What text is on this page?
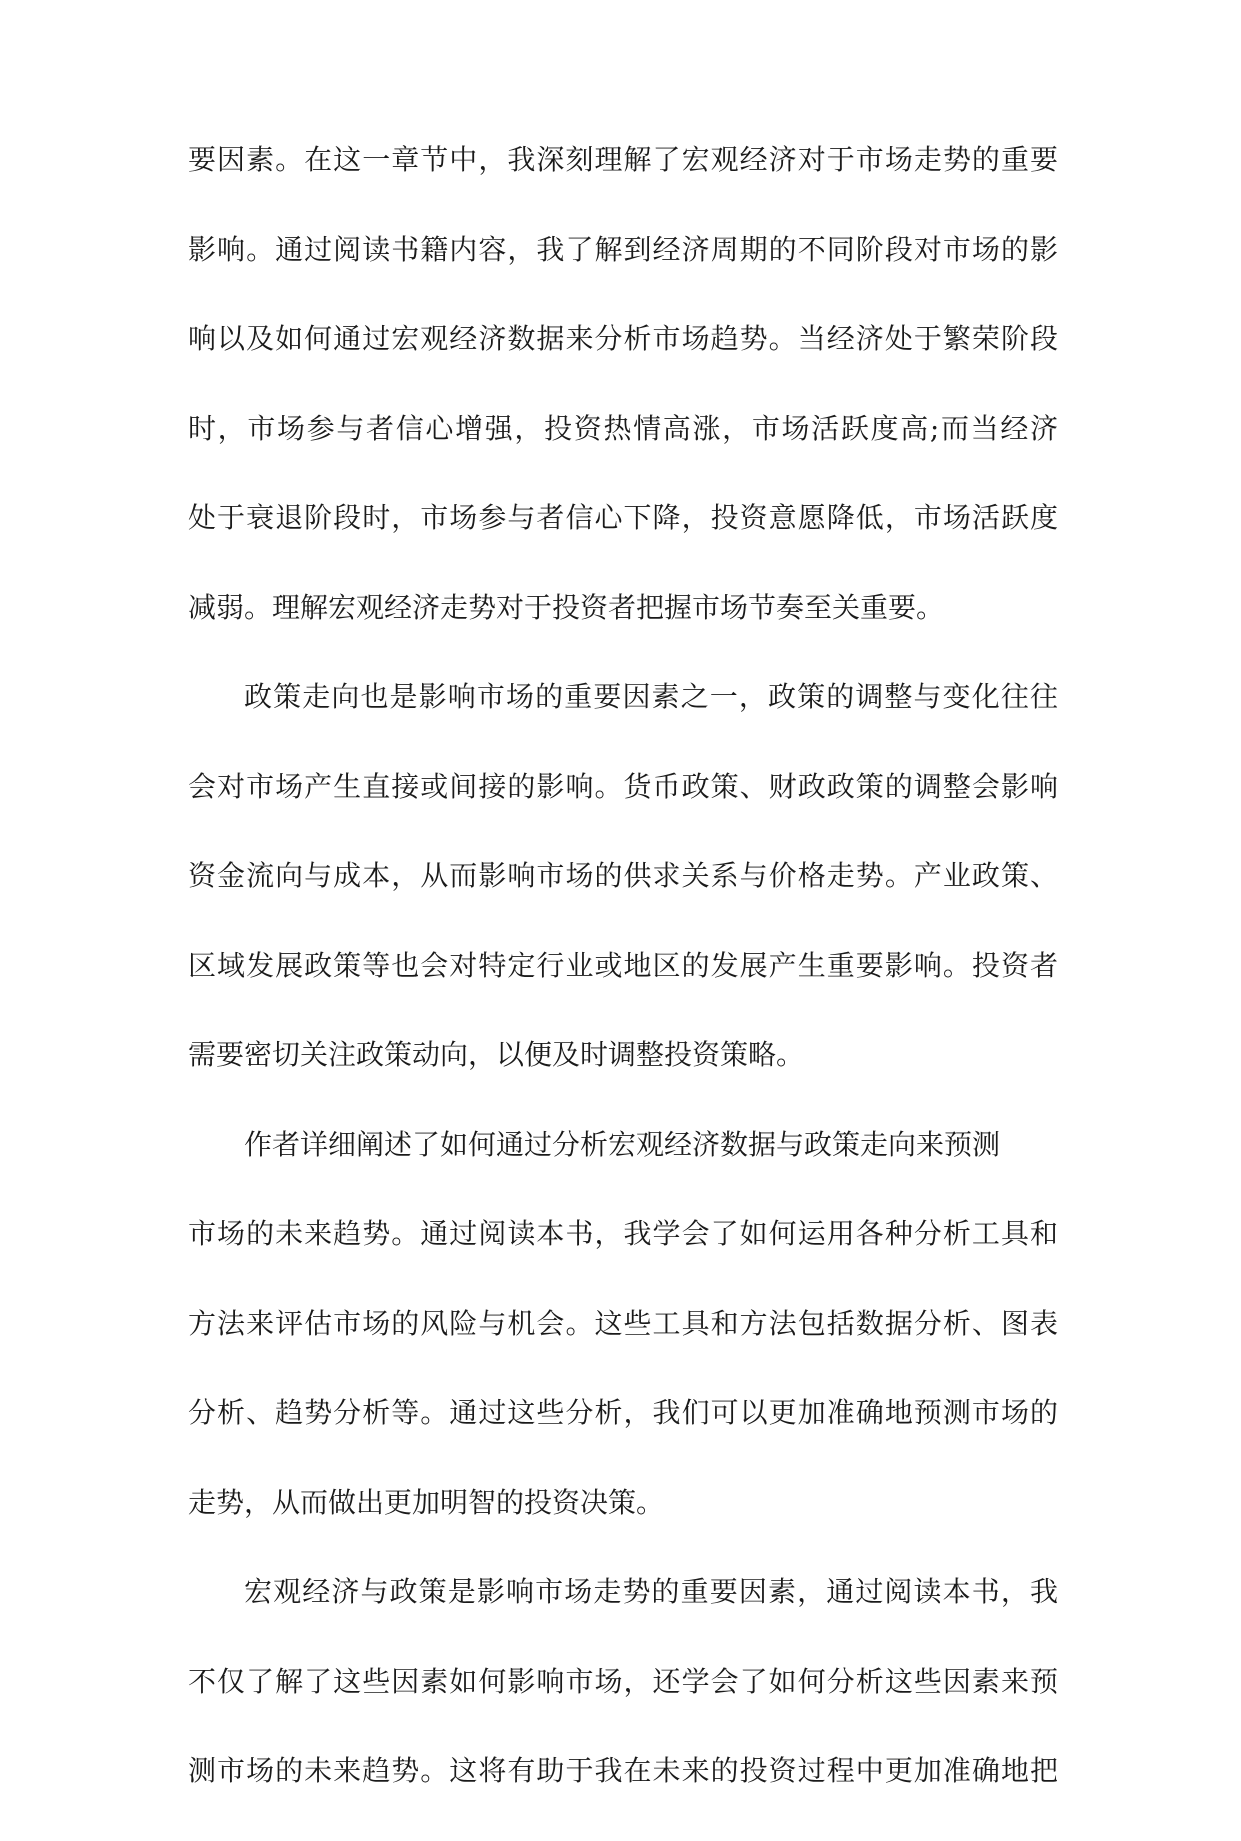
要因素。在这一章节中，我深刻理解了宏观经济对于市场走势的重要
影响。通过阅读书籍内容，我了解到经济周期的不同阶段对市场的影
响以及如何通过宏观经济数据来分析市场趋势。当经济处于繁荣阶段
时，市场参与者信心增强，投资热情高涨，市场活跃度高;而当经济
处于衰退阶段时，市场参与者信心下降，投资意愿降低，市场活跃度
减弱。理解宏观经济走势对于投资者把握市场节奏至关重要。
政策走向也是影响市场的重要因素之一，政策的调整与变化往往
会对市场产生直接或间接的影响。货币政策、财政政策的调整会影响
资金流向与成本，从而影响市场的供求关系与价格走势。产业政策、
区域发展政策等也会对特定行业或地区的发展产生重要影响。投资者
需要密切关注政策动向，以便及时调整投资策略。
作者详细阐述了如何通过分析宏观经济数据与政策走向来预测
市场的未来趋势。通过阅读本书，我学会了如何运用各种分析工具和
方法来评估市场的风险与机会。这些工具和方法包括数据分析、图表
分析、趋势分析等。通过这些分析，我们可以更加准确地预测市场的
走势，从而做出更加明智的投资决策。
宏观经济与政策是影响市场走势的重要因素，通过阅读本书，我
不仅了解了这些因素如何影响市场，还学会了如何分析这些因素来预
测市场的未来趋势。这将有助于我在未来的投资过程中更加准确地把
